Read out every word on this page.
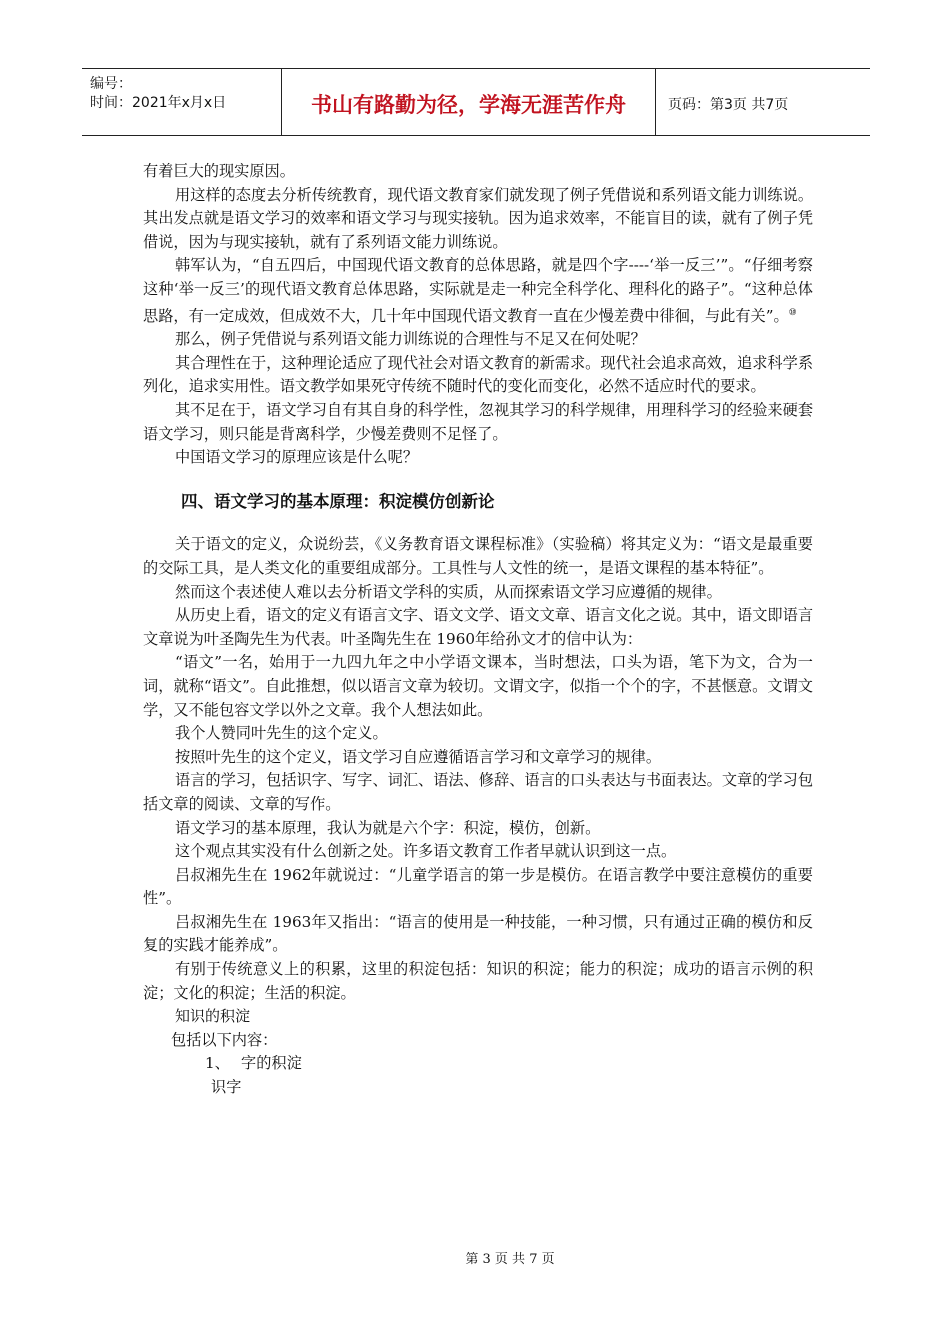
编号：
时间：2021年x月x日	书山有路勤为径，学海无涯苦作舟	页码：第3页 共7页

有着巨大的现实原因。

用这样的态度去分析传统教育，现代语文教育家们就发现了例子凭借说和系列语文能力训练说。其出发点就是语文学习的效率和语文学习与现实接轨。因为追求效率，不能盲目的读，就有了例子凭借说，因为与现实接轨，就有了系列语文能力训练说。

韩军认为，“自五四后，中国现代语文教育的总体思路，就是四个字----‘举一反三’”。“仔细考察这种‘举一反三’的现代语文教育总体思路，实际就是走一种完全科学化、理科化的路子”。“这种总体思路，有一定成效，但成效不大，几十年中国现代语文教育一直在少慢差费中徘徊，与此有关”。⑩

那么，例子凭借说与系列语文能力训练说的合理性与不足又在何处呢？

其合理性在于，这种理论适应了现代社会对语文教育的新需求。现代社会追求高效，追求科学系列化，追求实用性。语文教学如果死守传统不随时代的变化而变化，必然不适应时代的要求。

其不足在于，语文学习自有其自身的科学性，忽视其学习的科学规律，用理科学习的经验来硬套语文学习，则只能是背离科学，少慢差费则不足怪了。

中国语文学习的原理应该是什么呢？

四、语文学习的基本原理：积淀模仿创新论

关于语文的定义，众说纷芸，《义务教育语文课程标准》（实验稿）将其定义为：“语文是最重要的交际工具，是人类文化的重要组成部分。工具性与人文性的统一，是语文课程的基本特征”。

然而这个表述使人难以去分析语文学科的实质，从而探索语文学习应遵循的规律。

从历史上看，语文的定义有语言文字、语文文学、语文文章、语言文化之说。其中，语文即语言文章说为叶圣陶先生为代表。叶圣陶先生在 1960年给孙文才的信中认为：

“语文”一名，始用于一九四九年之中小学语文课本，当时想法，口头为语，笔下为文，合为一词，就称“语文”。自此推想，似以语言文章为较切。文谓文字，似指一个个的字，不甚惬意。文谓文学，又不能包容文学以外之文章。我个人想法如此。

我个人赞同叶先生的这个定义。

按照叶先生的这个定义，语文学习自应遵循语言学习和文章学习的规律。

语言的学习，包括识字、写字、词汇、语法、修辞、语言的口头表达与书面表达。文章的学习包括文章的阅读、文章的写作。

语文学习的基本原理，我认为就是六个字：积淀，模仿，创新。

这个观点其实没有什么创新之处。许多语文教育工作者早就认识到这一点。

吕叔湘先生在 1962年就说过：“儿童学语言的第一步是模仿。在语言教学中要注意模仿的重要性”。

吕叔湘先生在 1963年又指出：“语言的使用是一种技能，一种习惯，只有通过正确的模仿和反复的实践才能养成”。

有别于传统意义上的积累，这里的积淀包括：知识的积淀；能力的积淀；成功的语言示例的积淀；文化的积淀；生活的积淀。

知识的积淀

包括以下内容：

1、 字的积淀

识字

第 3 页 共 7 页
